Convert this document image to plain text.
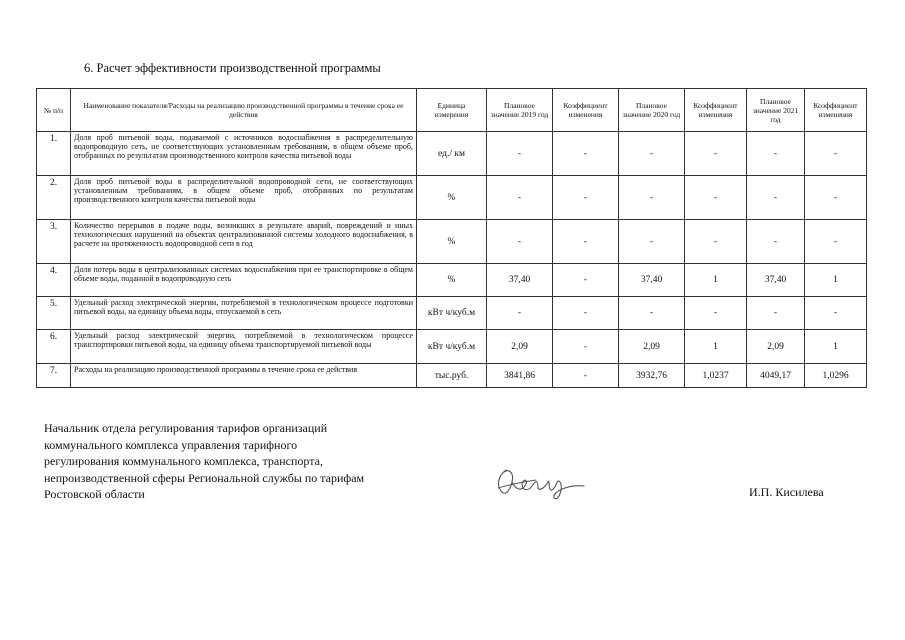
6. Расчет эффективности производственной программы
№ п/п	Наименование показателя/Расходы на реализацию производственной программы в течение срока ее действия	Единица измерения	Плановое значение 2019 год	Коэффициент изменения	Плановое значение 2020 год	Коэффициент изменения	Плановое значение 2021 год	Коэффициент изменения
1.	Доля проб питьевой воды, подаваемой с источников водоснабжения в распределительную водопроводную сеть, не соответствующих установленным требованиям, в общем объеме проб, отобранных по результатам производственного контроля качества питьевой воды	ед./ км	-	-	-	-	-	-
2.	Доля проб питьевой воды в распределительной водопроводной сети, не соответствующих установленным требованиям, в общем объеме проб, отобранных по результатам производственного контроля качества питьевой воды	%	-	-	-	-	-	-
3.	Количество перерывов в подаче воды, возникших в результате аварий, повреждений и иных технологических нарушений на объектах централизованной системы холодного водоснабжения, в расчете на протяженность водопроводной сети в год	%	-	-	-	-	-	-
4.	Доля потерь воды в централизованных системах водоснабжения при ее транспортировке в общем объеме воды, поданной в водопроводную сеть	%	37,40	-	37,40	1	37,40	1
5.	Удельный расход электрической энергии, потребляемой в технологическом процессе подготовки питьевой воды, на единицу объема воды, отпускаемой в сеть	кВт ч/куб.м	-	-	-	-	-	-
6.	Удельный расход электрической энергии, потребляемой в технологическом процессе транспортировки питьевой воды, на единицу объема транспортируемой питьевой воды	кВт ч/куб.м	2,09	-	2,09	1	2,09	1
7.	Расходы на реализацию производственной программы в течение срока ее действия	тыс.руб.	3841,86	-	3932,76	1,0237	4049,17	1,0296
Начальник отдела регулирования тарифов организаций коммунального комплекса управления тарифного регулирования коммунального комплекса, транспорта, непроизводственной сферы Региональной службы по тарифам Ростовской области	И.П. Кисилева
